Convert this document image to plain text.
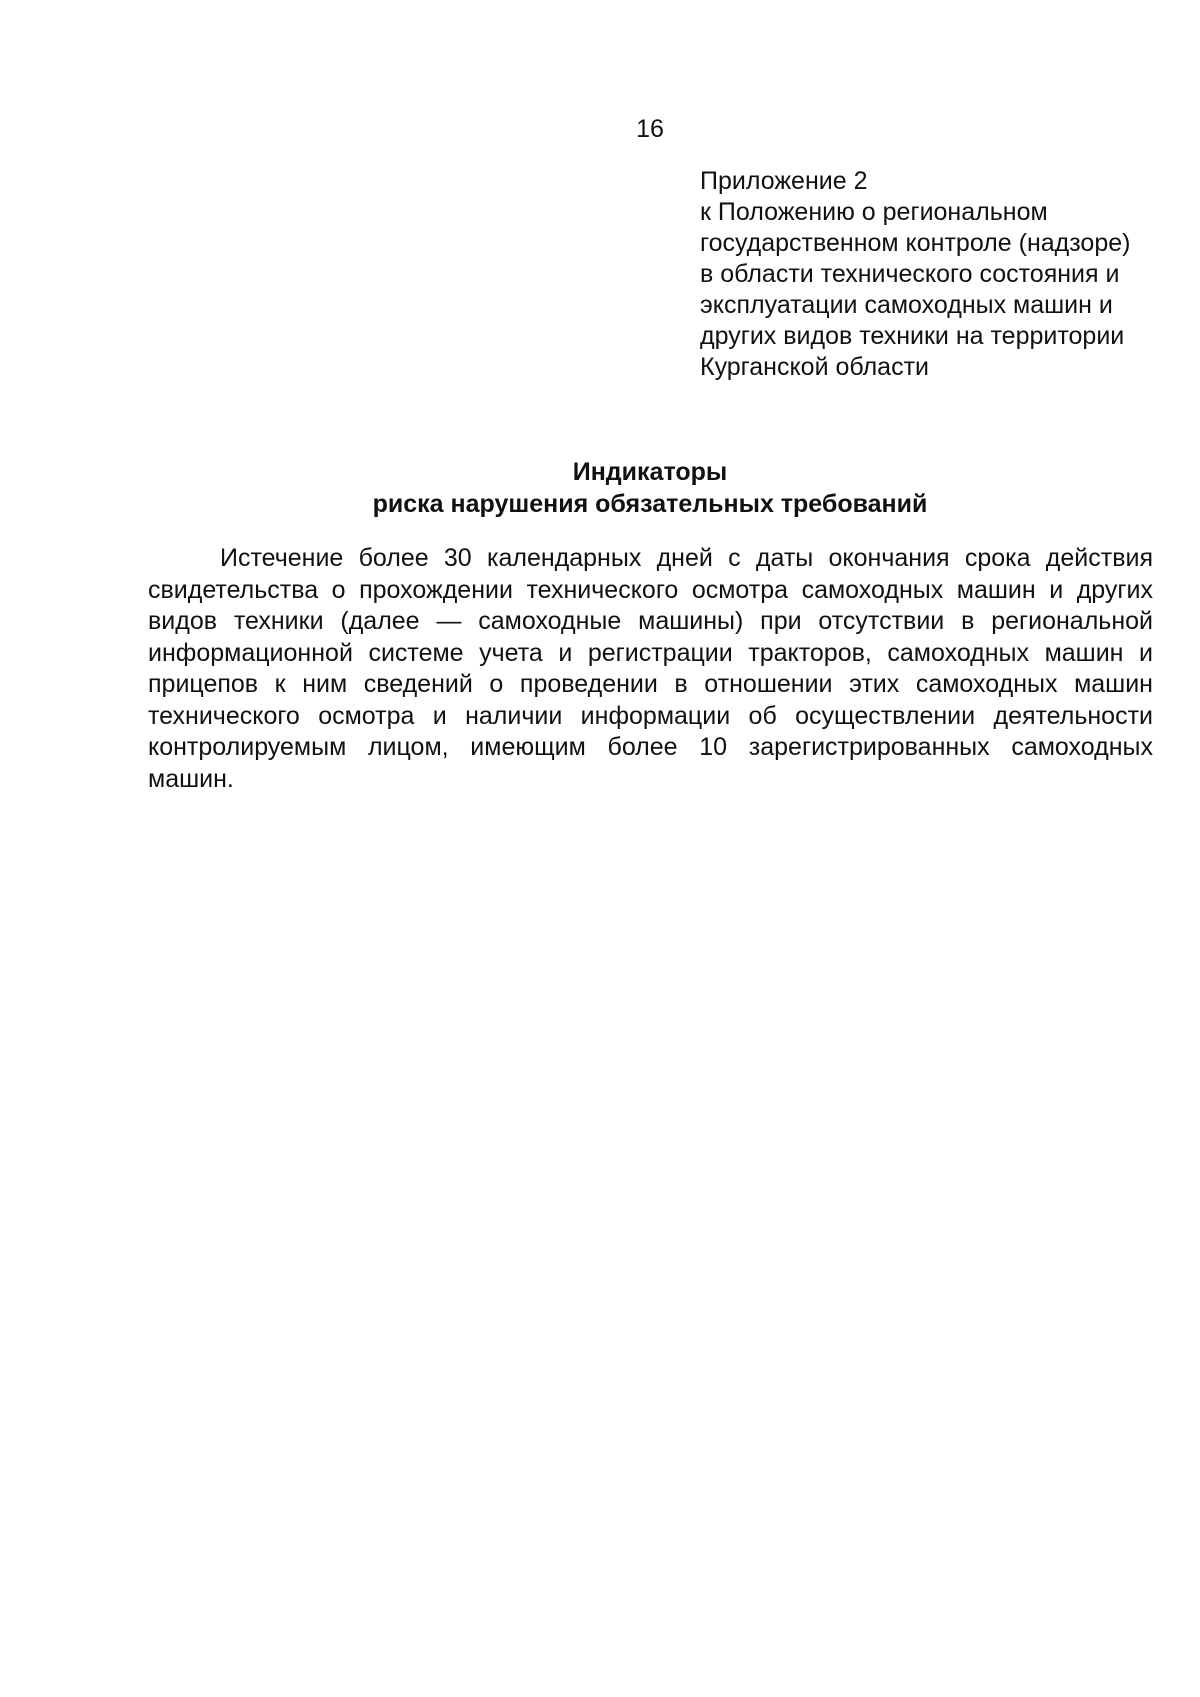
16
Приложение 2
к Положению о региональном
государственном контроле (надзоре)
в области технического состояния и
эксплуатации самоходных машин и
других видов техники на территории
Курганской области
Индикаторы
риска нарушения обязательных требований
Истечение более 30 календарных дней с даты окончания срока действия
свидетельства о прохождении технического осмотра самоходных машин и других
видов техники (далее — самоходные машины) при отсутствии в региональной
информационной системе учета и регистрации тракторов, самоходных машин и
прицепов к ним сведений о проведении в отношении этих самоходных машин
технического осмотра и наличии информации об осуществлении деятельности
контролируемым лицом, имеющим более 10 зарегистрированных самоходных
машин.
